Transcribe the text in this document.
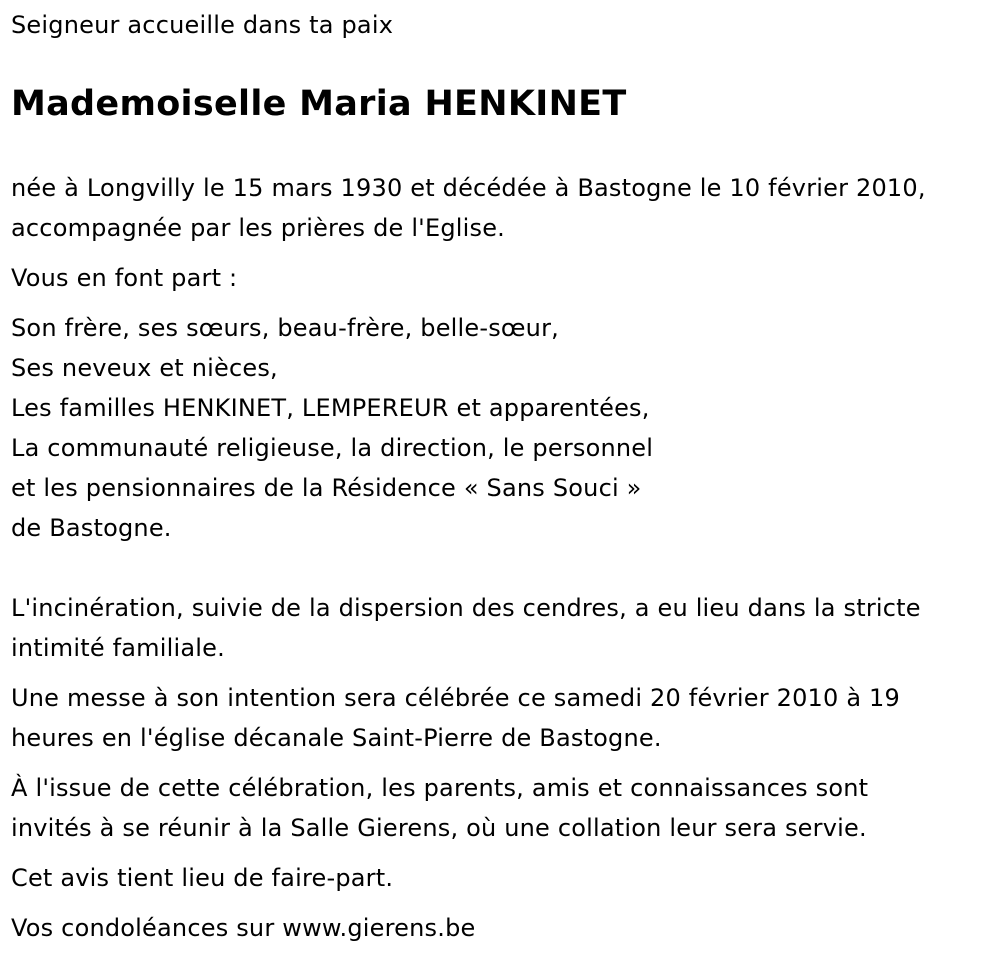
Seigneur accueille dans ta paix

Mademoiselle Maria HENKINET

née à Longvilly le 15 mars 1930 et décédée à Bastogne le 10 février 2010,
accompagnée par les prières de l'Eglise.

Vous en font part :

Son frère, ses sœurs, beau-frère, belle-sœur,
Ses neveux et nièces,
Les familles HENKINET, LEMPEREUR et apparentées,
La communauté religieuse, la direction, le personnel
et les pensionnaires de la Résidence « Sans Souci »
de Bastogne.

L'incinération, suivie de la dispersion des cendres, a eu lieu dans la stricte
intimité familiale.

Une messe à son intention sera célébrée ce samedi 20 février 2010 à 19
heures en l'église décanale Saint-Pierre de Bastogne.

À l'issue de cette célébration, les parents, amis et connaissances sont
invités à se réunir à la Salle Gierens, où une collation leur sera servie.

Cet avis tient lieu de faire-part.

Vos condoléances sur www.gierens.be
